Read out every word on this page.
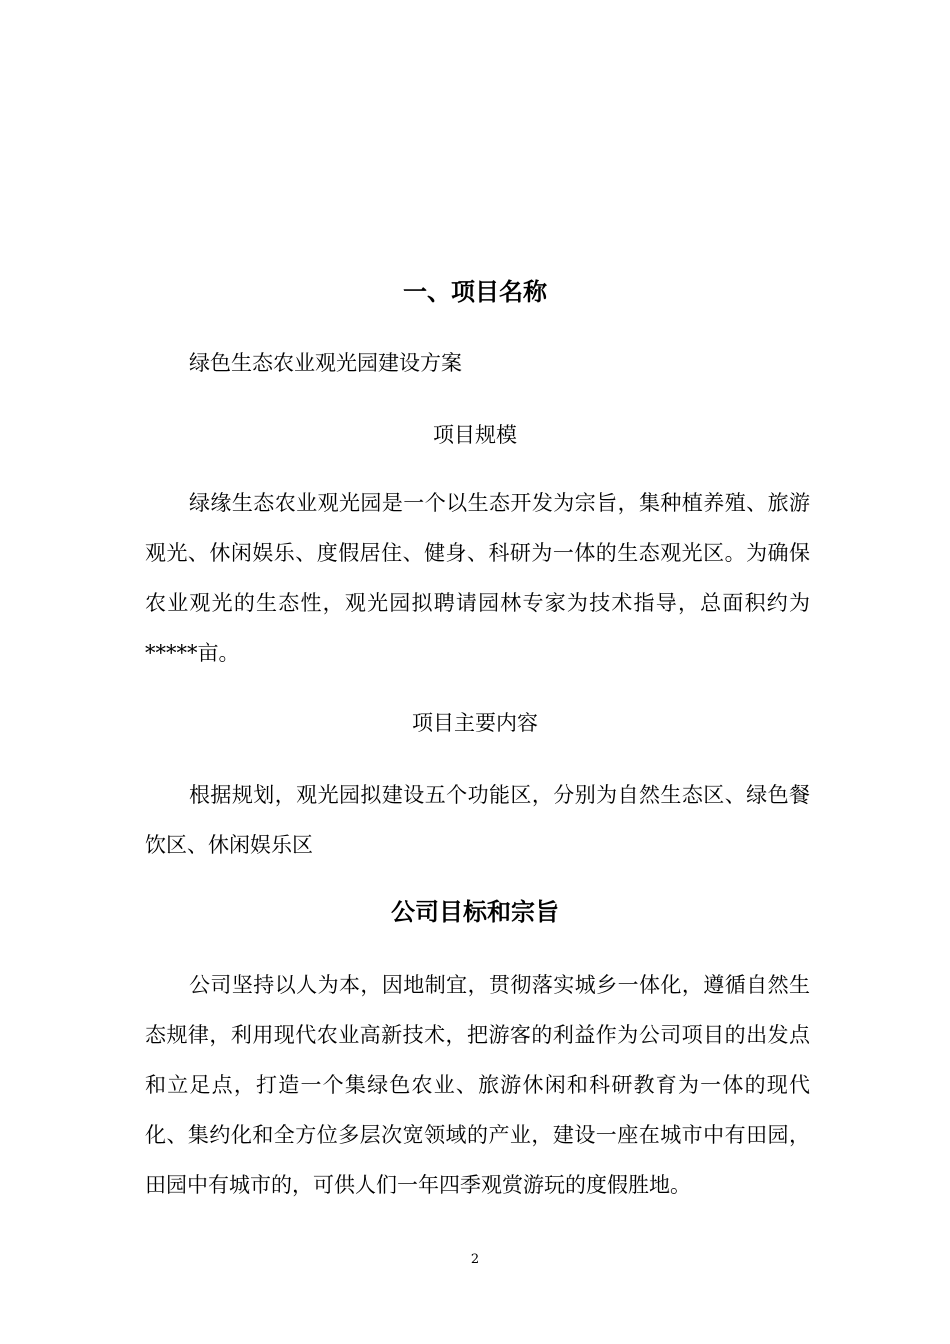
一、项目名称

绿色生态农业观光园建设方案

项目规模

绿缘生态农业观光园是一个以生态开发为宗旨，集种植养殖、旅游观光、休闲娱乐、度假居住、健身、科研为一体的生态观光区。为确保农业观光的生态性，观光园拟聘请园林专家为技术指导，总面积约为*****亩。

项目主要内容

根据规划，观光园拟建设五个功能区，分别为自然生态区、绿色餐饮区、休闲娱乐区

公司目标和宗旨

公司坚持以人为本，因地制宜，贯彻落实城乡一体化，遵循自然生态规律，利用现代农业高新技术，把游客的利益作为公司项目的出发点和立足点，打造一个集绿色农业、旅游休闲和科研教育为一体的现代化、集约化和全方位多层次宽领域的产业，建设一座在城市中有田园，田园中有城市的，可供人们一年四季观赏游玩的度假胜地。

2
